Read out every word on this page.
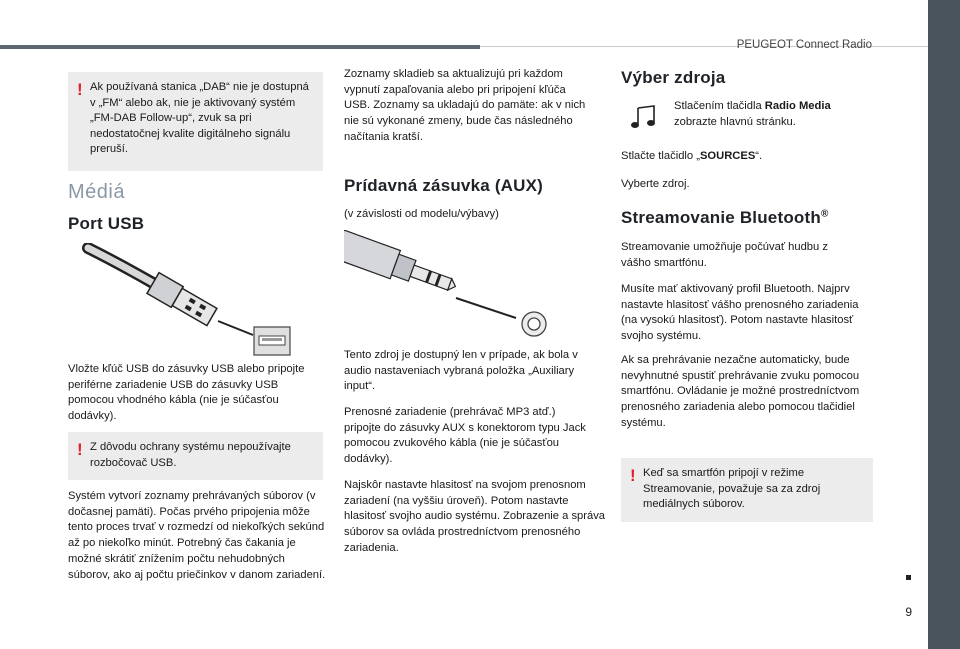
PEUGEOT Connect Radio
9
! Ak používaná stanica „DAB“ nie je dostupná v „FM“ alebo ak, nie je aktivovaný systém „FM-DAB Follow-up“, zvuk sa pri nedostatočnej kvalite digitálneho signálu preruší.
Médiá
Port USB
Vložte kľúč USB do zásuvky USB alebo pripojte periférne zariadenie USB do zásuvky USB pomocou vhodného kábla (nie je súčasťou dodávky).
! Z dôvodu ochrany systému nepoužívajte rozbočovač USB.
Systém vytvorí zoznamy prehrávaných súborov (v dočasnej pamäti). Počas prvého pripojenia môže tento proces trvať v rozmedzí od niekoľkých sekúnd až po niekoľko minút. Potrebný čas čakania je možné skrátiť znížením počtu nehudobných súborov, ako aj počtu priečinkov v danom zariadení.
Zoznamy skladieb sa aktualizujú pri každom vypnutí zapaľovania alebo pri pripojení kľúča USB. Zoznamy sa ukladajú do pamäte: ak v nich nie sú vykonané zmeny, bude čas následného načítania kratší.
Prídavná zásuvka (AUX)
(v závislosti od modelu/výbavy)
Tento zdroj je dostupný len v prípade, ak bola v audio nastaveniach vybraná položka „Auxiliary input“.
Prenosné zariadenie (prehrávač MP3 atď.) pripojte do zásuvky AUX s konektorom typu Jack pomocou zvukového kábla (nie je súčasťou dodávky).
Najskôr nastavte hlasitosť na svojom prenosnom zariadení (na vyššiu úroveň). Potom nastavte hlasitosť svojho audio systému. Zobrazenie a správa súborov sa ovláda prostredníctvom prenosného zariadenia.
Výber zdroja
Stlačením tlačidla Radio Media zobrazte hlavnú stránku.
Stlačte tlačidlo „SOURCES“.
Vyberte zdroj.
Streamovanie Bluetooth®
Streamovanie umožňuje počúvať hudbu z vášho smartfónu.
Musíte mať aktivovaný profil Bluetooth. Najprv nastavte hlasitosť vášho prenosného zariadenia (na vysokú hlasitosť). Potom nastavte hlasitosť svojho systému.
Ak sa prehrávanie nezačne automaticky, bude nevyhnutné spustiť prehrávanie zvuku pomocou smartfónu. Ovládanie je možné prostredníctvom prenosného zariadenia alebo pomocou tlačidiel systému.
! Keď sa smartfón pripojí v režime Streamovanie, považuje sa za zdroj mediálnych súborov.
